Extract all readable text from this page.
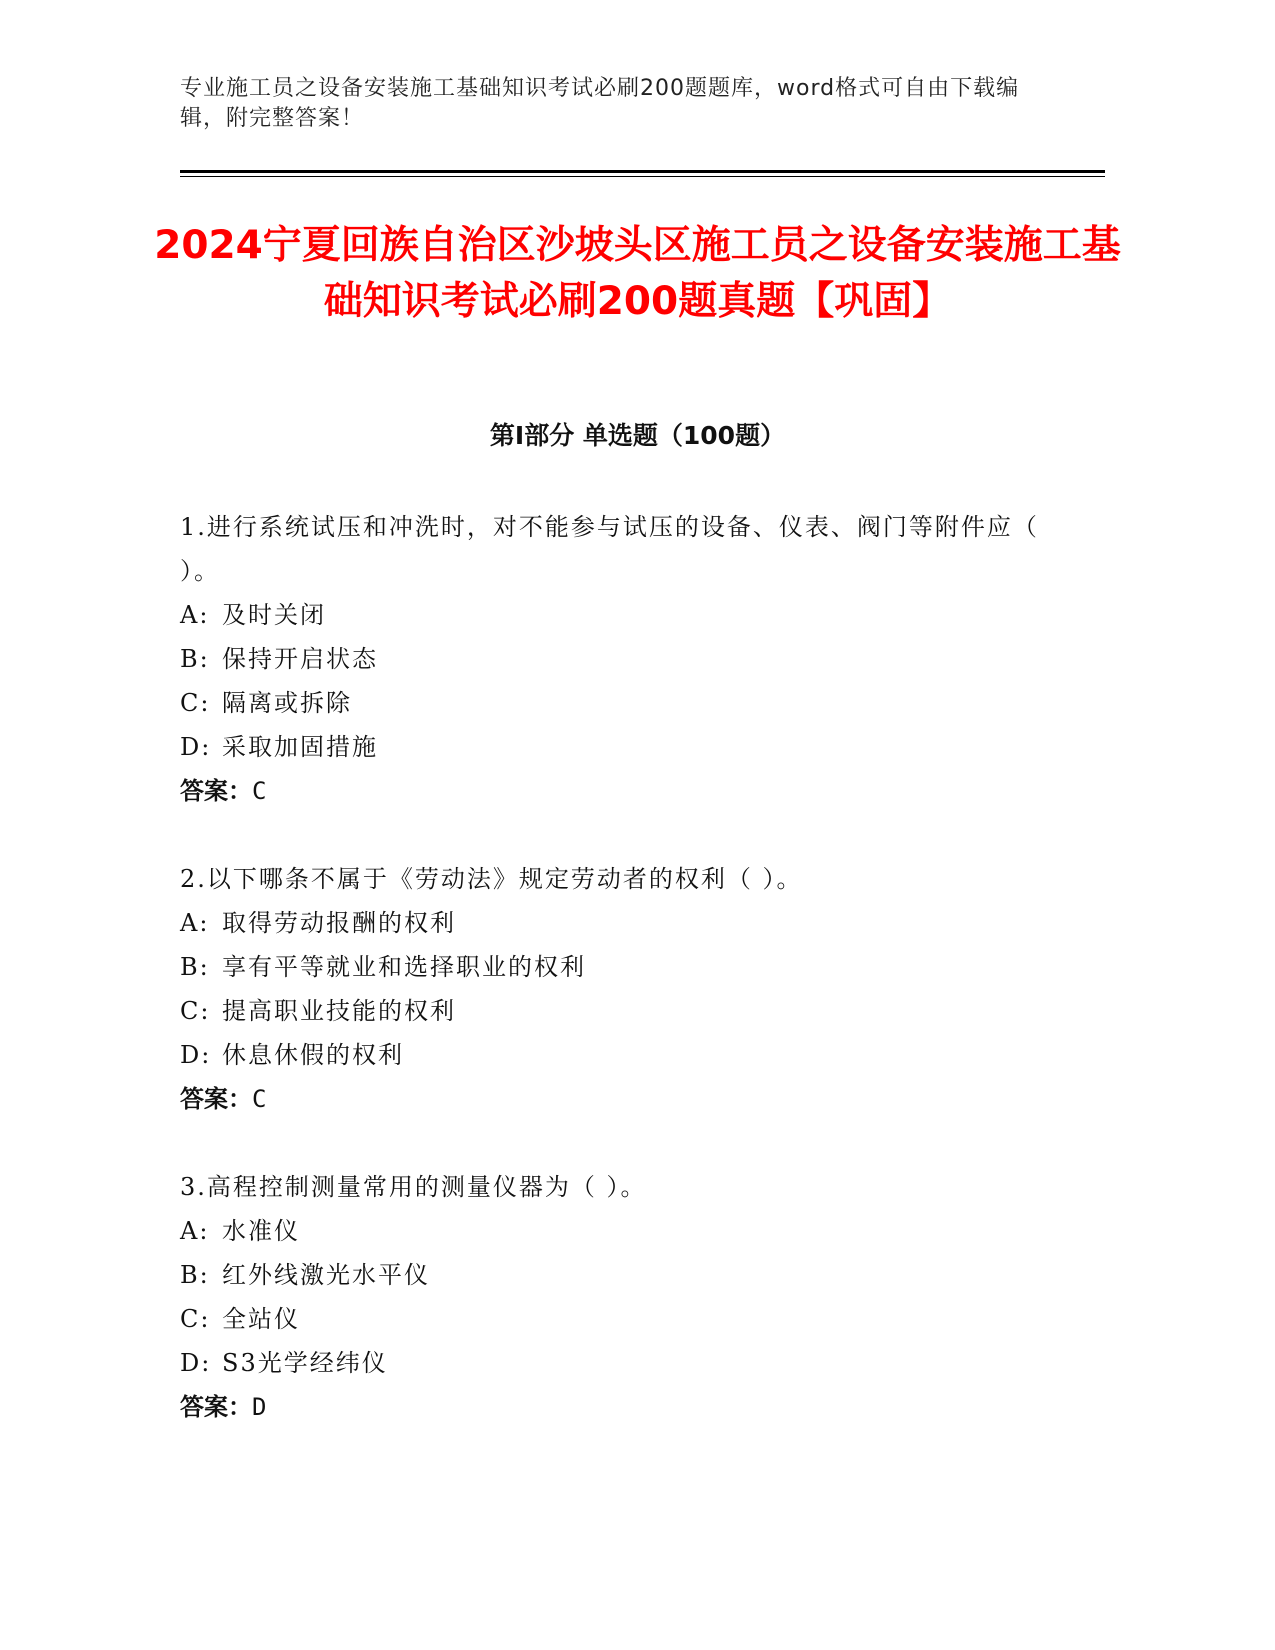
专业施工员之设备安装施工基础知识考试必刷200题题库，word格式可自由下载编辑，附完整答案！
2024宁夏回族自治区沙坡头区施工员之设备安装施工基础知识考试必刷200题真题【巩固】
第I部分 单选题（100题）
1.进行系统试压和冲洗时，对不能参与试压的设备、仪表、阀门等附件应（ ）。
A: 及时关闭
B: 保持开启状态
C: 隔离或拆除
D: 采取加固措施
答案：C
2.以下哪条不属于《劳动法》规定劳动者的权利（ ）。
A: 取得劳动报酬的权利
B: 享有平等就业和选择职业的权利
C: 提高职业技能的权利
D: 休息休假的权利
答案：C
3.高程控制测量常用的测量仪器为（ ）。
A: 水准仪
B: 红外线激光水平仪
C: 全站仪
D: S3光学经纬仪
答案：D
